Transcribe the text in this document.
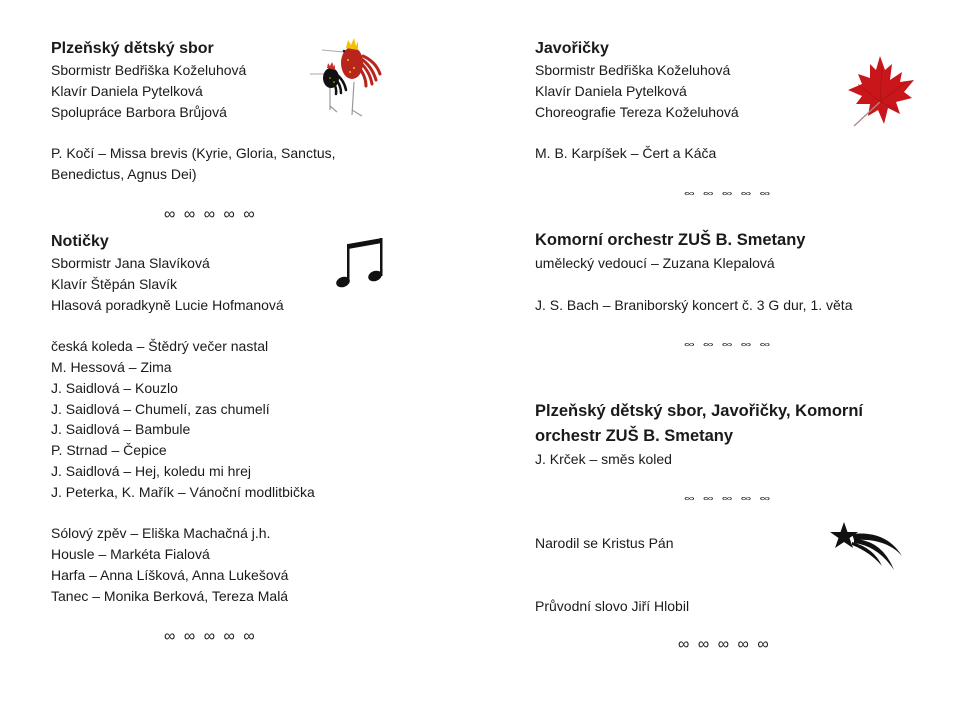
Plzeňský dětský sbor
Sbormistr Bedřiška Koželuhová
Klavír Daniela Pytelková
Spolupráce Barbora Brůjová
P. Kočí – Missa brevis (Kyrie, Gloria, Sanctus,
Benedictus, Agnus Dei)
∞ ∞ ∞ ∞ ∞
Notičky
Sbormistr Jana Slavíková
Klavír Štěpán Slavík
Hlasová poradkyně Lucie Hofmanová
česká koleda – Štědrý večer nastal
M. Hessová – Zima
J. Saidlová – Kouzlo
J. Saidlová – Chumelí, zas chumelí
J. Saidlová – Bambule
P. Strnad – Čepice
J. Saidlová – Hej, koledu mi hrej
J. Peterka, K. Mařík – Vánoční modlitbička
Sólový zpěv – Eliška Machačná j.h.
Housle – Markéta Fialová
Harfa – Anna Líšková, Anna Lukešová
Tanec – Monika Berková, Tereza Malá
∞ ∞ ∞ ∞ ∞
Javořičky
Sbormistr Bedřiška Koželuhová
Klavír Daniela Pytelková
Choreografie Tereza Koželuhová
M. B. Karpíšek – Čert a Káča
∞ ∞ ∞ ∞ ∞
Komorní orchestr ZUŠ B. Smetany
umělecký vedoucí – Zuzana Klepalová
J. S. Bach – Braniborský koncert č. 3 G dur, 1. věta
∞ ∞ ∞ ∞ ∞
Plzeňský dětský sbor, Javořičky, Komorní
orchestr ZUŠ B. Smetany
J. Krček – směs koled
∞ ∞ ∞ ∞ ∞
Narodil se Kristus Pán
Průvodní slovo Jiří Hlobil
∞ ∞ ∞ ∞ ∞
